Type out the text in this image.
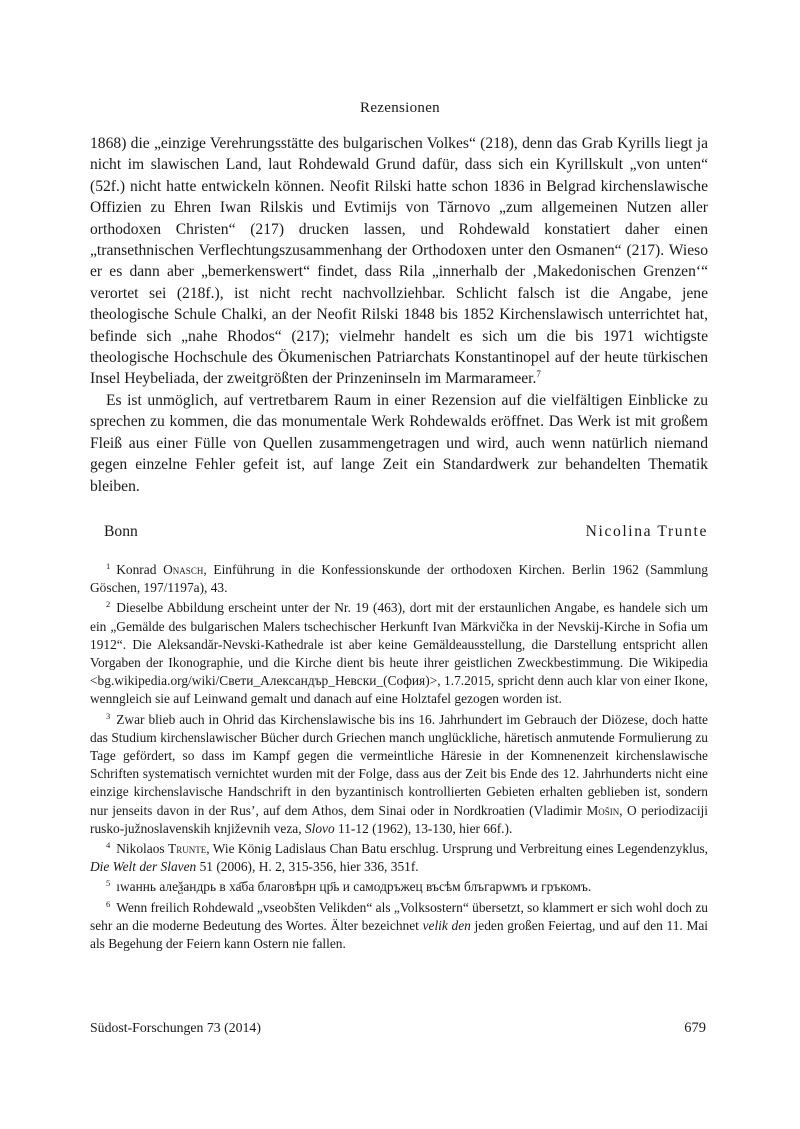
Rezensionen

1868) die „einzige Verehrungsstätte des bulgarischen Volkes“ (218), denn das Grab Kyrills liegt ja nicht im slawischen Land, laut Rohdewald Grund dafür, dass sich ein Kyrillskult „von unten“ (52f.) nicht hatte entwickeln können. Neofit Rilski hatte schon 1836 in Belgrad kirchenslawische Offizien zu Ehren Iwan Rilskis und Evtimijs von Tărnovo „zum allgemeinen Nutzen aller orthodoxen Christen“ (217) drucken lassen, und Rohdewald konstatiert daher einen „transethnischen Verflechtungszusammenhang der Orthodoxen unter den Osmanen“ (217). Wieso er es dann aber „bemerkenswert“ findet, dass Rila „innerhalb der ‚Makedonischen Grenzen‘“ verortet sei (218f.), ist nicht recht nachvollziehbar. Schlicht falsch ist die Angabe, jene theologische Schule Chalki, an der Neofit Rilski 1848 bis 1852 Kirchenslawisch unterrichtet hat, befinde sich „nahe Rhodos“ (217); vielmehr handelt es sich um die bis 1971 wichtigste theologische Hochschule des Ökumenischen Patriarchats Konstantinopel auf der heute türkischen Insel Heybeliada, der zweitgrößten der Prinzeninseln im Marmarameer.$^7$

Es ist unmöglich, auf vertretbarem Raum in einer Rezension auf die vielfältigen Einblicke zu sprechen zu kommen, die das monumentale Werk Rohdewalds eröffnet. Das Werk ist mit großem Fleiß aus einer Fülle von Quellen zusammengetragen und wird, auch wenn natürlich niemand gegen einzelne Fehler gefeit ist, auf lange Zeit ein Standardwerk zur behandelten Thematik bleiben.

Bonn	Nicolina Trunte

$^1$ Konrad Onasch, Einführung in die Konfessionskunde der orthodoxen Kirchen. Berlin 1962 (Sammlung Göschen, 197/1197a), 43.

$^2$ Dieselbe Abbildung erscheint unter der Nr. 19 (463), dort mit der erstaunlichen Angabe, es handele sich um ein „Gemälde des bulgarischen Malers tschechischer Herkunft Ivan Märkvička in der Nevskij-Kirche in Sofia um 1912“. Die Aleksandăr-Nevski-Kathedrale ist aber keine Gemäldeausstellung, die Darstellung entspricht allen Vorgaben der Ikonographie, und die Kirche dient bis heute ihrer geistlichen Zweckbestimmung. Die Wikipedia <bg.wikipedia.org/wiki/Свети_Александър_Невски_(София)>, 1.7.2015, spricht denn auch klar von einer Ikone, wenngleich sie auf Leinwand gemalt und danach auf eine Holztafel gezogen worden ist.

$^3$ Zwar blieb auch in Ohrid das Kirchenslawische bis ins 16. Jahrhundert im Gebrauch der Diözese, doch hatte das Studium kirchenslawischer Bücher durch Griechen manch unglückliche, häretisch anmutende Formulierung zu Tage gefördert, so dass im Kampf gegen die vermeintliche Häresie in der Komnenenzeit kirchenslawische Schriften systematisch vernichtet wurden mit der Folge, dass aus der Zeit bis Ende des 12. Jahrhunderts nicht eine einzige kirchenslavische Handschrift in den byzantinisch kontrollierten Gebieten erhalten geblieben ist, sondern nur jenseits davon in der Rus’, auf dem Athos, dem Sinai oder in Nordkroatien (Vladimir Mošin, O periodizaciji rusko-južnoslavenskih književnih veza, Slovo 11-12 (1962), 13-130, hier 66f.).

$^4$ Nikolaos Trunte, Wie König Ladislaus Chan Batu erschlug. Ursprung und Verbreitung eines Legendenzyklus, Die Welt der Slaven 51 (2006), H. 2, 315-356, hier 336, 351f.

$^5$ ıwаннь алеѯандрь в ха҃ба благовѣрн цр҃ь и самодръжец въсѣм блъгарwмъ и гръкомъ.

$^6$ Wenn freilich Rohdewald „vseobšten Velikden“ als „Volksostern“ übersetzt, so klammert er sich wohl doch zu sehr an die moderne Bedeutung des Wortes. Älter bezeichnet velik den jeden großen Feiertag, und auf den 11. Mai als Begehung der Feiern kann Ostern nie fallen.

Südost-Forschungen 73 (2014)	679
